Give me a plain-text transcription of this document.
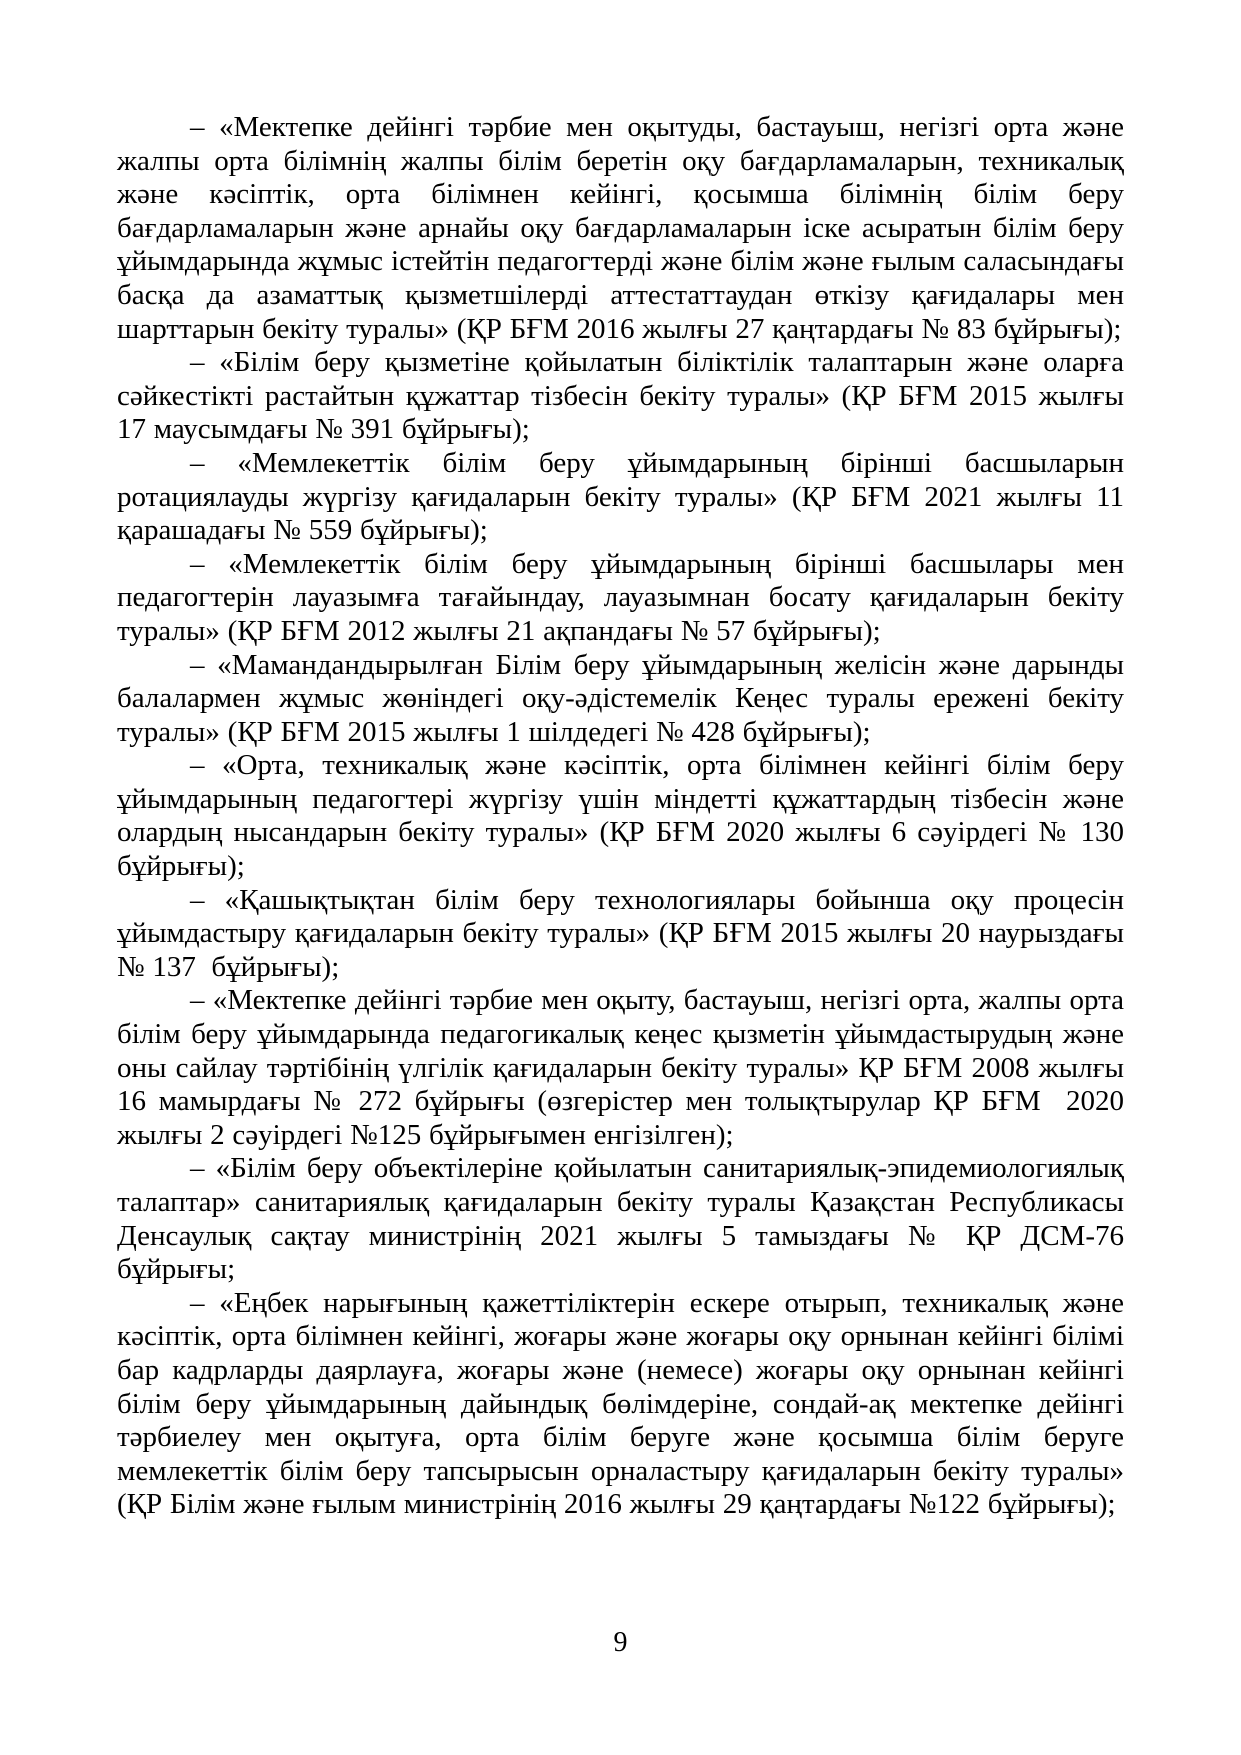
– «Мектепке дейінгі тәрбие мен оқытуды, бастауыш, негізгі орта және жалпы орта білімнің жалпы білім беретін оқу бағдарламаларын, техникалық және кәсіптік, орта білімнен кейінгі, қосымша білімнің білім беру бағдарламаларын және арнайы оқу бағдарламаларын іске асыратын білім беру ұйымдарында жұмыс істейтін педагогтерді және білім және ғылым саласындағы басқа да азаматтық қызметшілерді аттестаттаудан өткізу қағидалары мен шарттарын бекіту туралы» (ҚР БҒМ 2016 жылғы 27 қаңтардағы № 83 бұйрығы);

– «Білім беру қызметіне қойылатын біліктілік талаптарын және оларға сәйкестікті растайтын құжаттар тізбесін бекіту туралы» (ҚР БҒМ 2015 жылғы 17 маусымдағы № 391 бұйрығы);

– «Мемлекеттік білім беру ұйымдарының бірінші басшыларын ротациялауды жүргізу қағидаларын бекіту туралы» (ҚР БҒМ 2021 жылғы 11 қарашадағы № 559 бұйрығы);

– «Мемлекеттік білім беру ұйымдарының бірінші басшылары мен педагогтерін лауазымға тағайындау, лауазымнан босату қағидаларын бекіту туралы» (ҚР БҒМ 2012 жылғы 21 ақпандағы № 57 бұйрығы);

– «Мамандандырылған Білім беру ұйымдарының желісін және дарынды балалармен жұмыс жөніндегі оқу-әдістемелік Кеңес туралы ережені бекіту туралы» (ҚР БҒМ 2015 жылғы 1 шілдедегі № 428 бұйрығы);

– «Орта, техникалық және кәсіптік, орта білімнен кейінгі білім беру ұйымдарының педагогтері жүргізу үшін міндетті құжаттардың тізбесін және олардың нысандарын бекіту туралы» (ҚР БҒМ 2020 жылғы 6 сәуірдегі № 130 бұйрығы);

– «Қашықтықтан білім беру технологиялары бойынша оқу процесін ұйымдастыру қағидаларын бекіту туралы» (ҚР БҒМ 2015 жылғы 20 наурыздағы № 137  бұйрығы);

– «Мектепке дейінгі тәрбие мен оқыту, бастауыш, негізгі орта, жалпы орта білім беру ұйымдарында педагогикалық кеңес қызметін ұйымдастырудың және оны сайлау тәртібінің үлгілік қағидаларын бекіту туралы» ҚР БҒМ 2008 жылғы 16 мамырдағы № 272 бұйрығы (өзгерістер мен толықтырулар ҚР БҒМ  2020 жылғы 2 сәуірдегі №125 бұйрығымен енгізілген);

– «Білім беру объектілеріне қойылатын санитариялық-эпидемиологиялық талаптар» санитариялық қағидаларын бекіту туралы Қазақстан Республикасы Денсаулық сақтау министрінің 2021 жылғы 5 тамыздағы № ҚР ДСМ-76 бұйрығы;

– «Еңбек нарығының қажеттіліктерін ескере отырып, техникалық және кәсіптік, орта білімнен кейінгі, жоғары және жоғары оқу орнынан кейінгі білімі бар кадрларды даярлауға, жоғары және (немесе) жоғары оқу орнынан кейінгі білім беру ұйымдарының дайындық бөлімдеріне, сондай-ақ мектепке дейінгі тәрбиелеу мен оқытуға, орта білім беруге және қосымша білім беруге мемлекеттік білім беру тапсырысын орналастыру қағидаларын бекіту туралы» (ҚР Білім және ғылым министрінің 2016 жылғы 29 қаңтардағы №122 бұйрығы);

9
